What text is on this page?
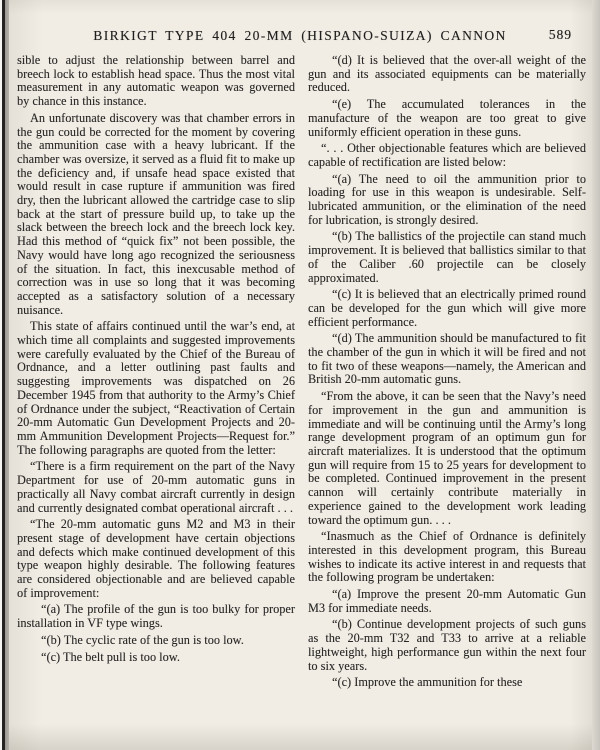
BIRKIGT TYPE 404 20-MM (HISPANO-SUIZA) CANNON	589

sible to adjust the relationship between barrel and breech lock to establish head space. Thus the most vital measurement in any automatic weapon was governed by chance in this instance.

An unfortunate discovery was that chamber errors in the gun could be corrected for the moment by covering the ammunition case with a heavy lubricant. If the chamber was oversize, it served as a fluid fit to make up the deficiency and, if unsafe head space existed that would result in case rupture if ammunition was fired dry, then the lubricant allowed the cartridge case to slip back at the start of pressure build up, to take up the slack between the breech lock and the breech lock key. Had this method of “quick fix” not been possible, the Navy would have long ago recognized the seriousness of the situation. In fact, this inexcusable method of correction was in use so long that it was becoming accepted as a satisfactory solution of a necessary nuisance.

This state of affairs continued until the war’s end, at which time all complaints and suggested improvements were carefully evaluated by the Chief of the Bureau of Ordnance, and a letter outlining past faults and suggesting improvements was dispatched on 26 December 1945 from that authority to the Army’s Chief of Ordnance under the subject, “Reactivation of Certain 20-mm Automatic Gun Development Projects and 20-mm Ammunition Development Projects—Request for.” The following paragraphs are quoted from the letter:

“There is a firm requirement on the part of the Navy Department for use of 20-mm automatic guns in practically all Navy combat aircraft currently in design and currently designated combat operational aircraft . . .

“The 20-mm automatic guns M2 and M3 in their present stage of development have certain objections and defects which make continued development of this type weapon highly desirable. The following features are considered objectionable and are believed capable of improvement:

“(a) The profile of the gun is too bulky for proper installation in VF type wings.

“(b) The cyclic rate of the gun is too low.

“(c) The belt pull is too low.

“(d) It is believed that the over-all weight of the gun and its associated equipments can be materially reduced.

“(e) The accumulated tolerances in the manufacture of the weapon are too great to give uniformly efficient operation in these guns.

“. . . Other objectionable features which are believed capable of rectification are listed below:

“(a) The need to oil the ammunition prior to loading for use in this weapon is undesirable. Self-lubricated ammunition, or the elimination of the need for lubrication, is strongly desired.

“(b) The ballistics of the projectile can stand much improvement. It is believed that ballistics similar to that of the Caliber .60 projectile can be closely approximated.

“(c) It is believed that an electrically primed round can be developed for the gun which will give more efficient performance.

“(d) The ammunition should be manufactured to fit the chamber of the gun in which it will be fired and not to fit two of these weapons—namely, the American and British 20-mm automatic guns.

“From the above, it can be seen that the Navy’s need for improvement in the gun and ammunition is immediate and will be continuing until the Army’s long range development program of an optimum gun for aircraft materializes. It is understood that the optimum gun will require from 15 to 25 years for development to be completed. Continued improvement in the present cannon will certainly contribute materially in experience gained to the development work leading toward the optimum gun. . . .

“Inasmuch as the Chief of Ordnance is definitely interested in this development program, this Bureau wishes to indicate its active interest in and requests that the following program be undertaken:

“(a) Improve the present 20-mm Automatic Gun M3 for immediate needs.

“(b) Continue development projects of such guns as the 20-mm T32 and T33 to arrive at a reliable lightweight, high performance gun within the next four to six years.

“(c) Improve the ammunition for these
